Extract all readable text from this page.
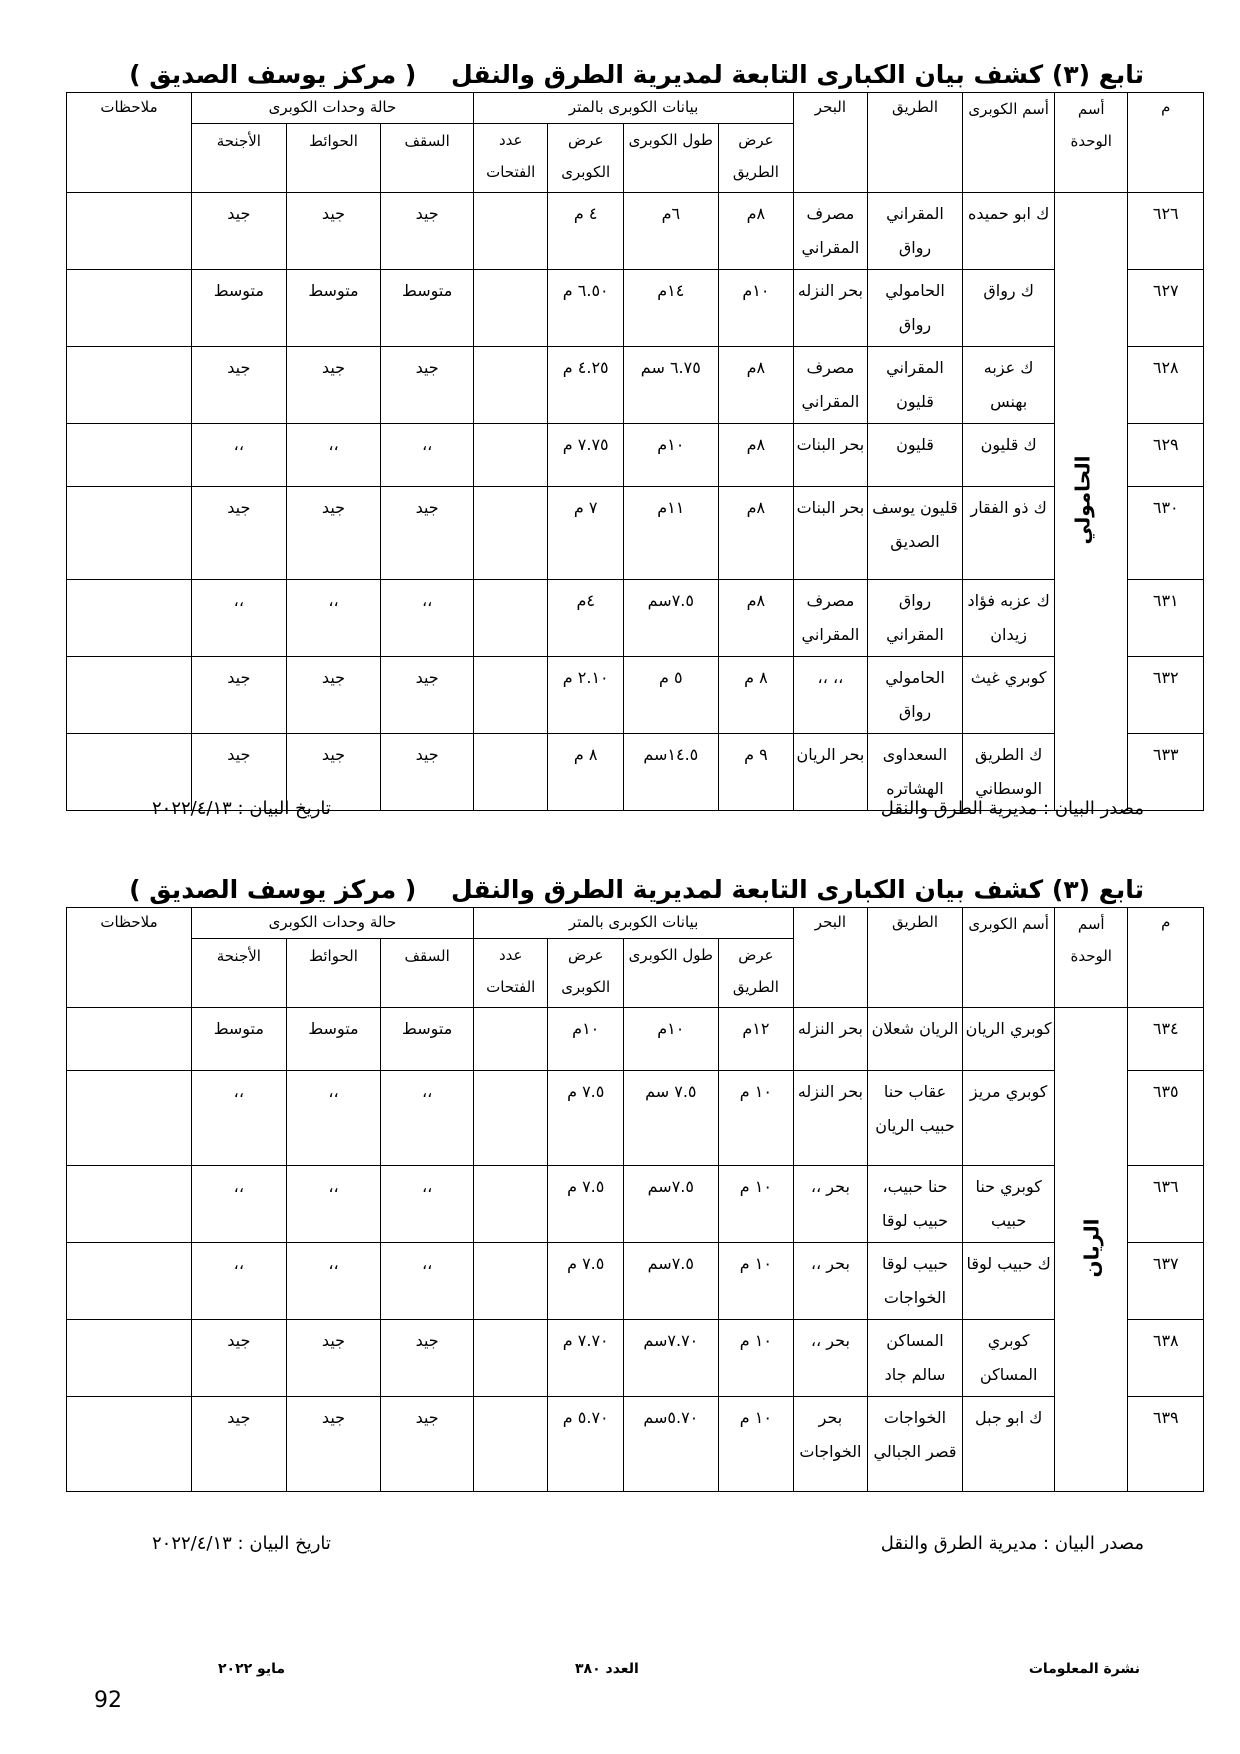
تابع (٣) كشف بيان الكبارى التابعة لمديرية الطرق والنقل ( مركز يوسف الصديق )
م	أسم الوحدة	أسم الكوبرى	الطريق	البحر	بيانات الكوبرى بالمتر				حالة وحدات الكوبرى			ملاحظات
					عرض الطريق	طول الكوبرى	عرض الكوبرى	عدد الفتحات	السقف	الحوائط	الأجنحة	
٦٢٦	الحامولي	ك ابو حميده	المقراني رواق	مصرف المقراني	٨م	٦م	٤ م		جيد	جيد	جيد	
٦٢٧		ك رواق	الحامولي رواق	بحر النزله	١٠م	١٤م	٦.٥٠ م		متوسط	متوسط	متوسط	
٦٢٨		ك عزبه بهنس	المقراني قليون	مصرف المقراني	٨م	٦.٧٥ سم	٤.٢٥ م		جيد	جيد	جيد	
٦٢٩		ك قليون	قليون	بحر البنات	٨م	١٠م	٧.٧٥ م		،،	،،	،،	
٦٣٠		ك ذو الفقار	قليون يوسف الصديق	بحر البنات	٨م	١١م	٧ م		جيد	جيد	جيد	
٦٣١		ك عزبه فؤاد زيدان	رواق المقراني	مصرف المقراني	٨م	٧.٥سم	٤م		،،	،،	،،	
٦٣٢		كوبري غيث	الحامولي رواق	،، ،،	٨ م	٥ م	٢.١٠ م		جيد	جيد	جيد	
٦٣٣		ك الطريق الوسطاني	السعداوى الهشاتره	بحر الريان	٩ م	١٤.٥سم	٨ م		جيد	جيد	جيد	
مصدر البيان : مديرية الطرق والنقل
تاريخ البيان : ٢٠٢٢/٤/١٣
تابع (٣) كشف بيان الكبارى التابعة لمديرية الطرق والنقل ( مركز يوسف الصديق )
م	أسم الوحدة	أسم الكوبرى	الطريق	البحر	بيانات الكوبرى بالمتر				حالة وحدات الكوبرى			ملاحظات
					عرض الطريق	طول الكوبرى	عرض الكوبرى	عدد الفتحات	السقف	الحوائط	الأجنحة	
٦٣٤	الريان	كوبري الريان	الريان شعلان	بحر النزله	١٢م	١٠م	١٠م		متوسط	متوسط	متوسط	
٦٣٥		كوبري مريز	عقاب حنا حبيب الريان	بحر النزله	١٠ م	٧.٥ سم	٧.٥ م		،،	،،	،،	
٦٣٦		كوبري حنا حبيب	حنا حبيب، حبيب لوقا	بحر ،،	١٠ م	٧.٥سم	٧.٥ م		،،	،،	،،	
٦٣٧		ك حبيب لوقا	حبيب لوقا الخواجات	بحر ،،	١٠ م	٧.٥سم	٧.٥ م		،،	،،	،،	
٦٣٨		كوبري المساكن	المساكن سالم جاد	بحر ،،	١٠ م	٧.٧٠سم	٧.٧٠ م		جيد	جيد	جيد	
٦٣٩		ك ابو جبل	الخواجات قصر الجبالي	بحر الخواجات	١٠ م	٥.٧٠سم	٥.٧٠ م		جيد	جيد	جيد	
مصدر البيان : مديرية الطرق والنقل
تاريخ البيان : ٢٠٢٢/٤/١٣
نشرة المعلومات
العدد ٣٨٠
مايو ٢٠٢٢
92
